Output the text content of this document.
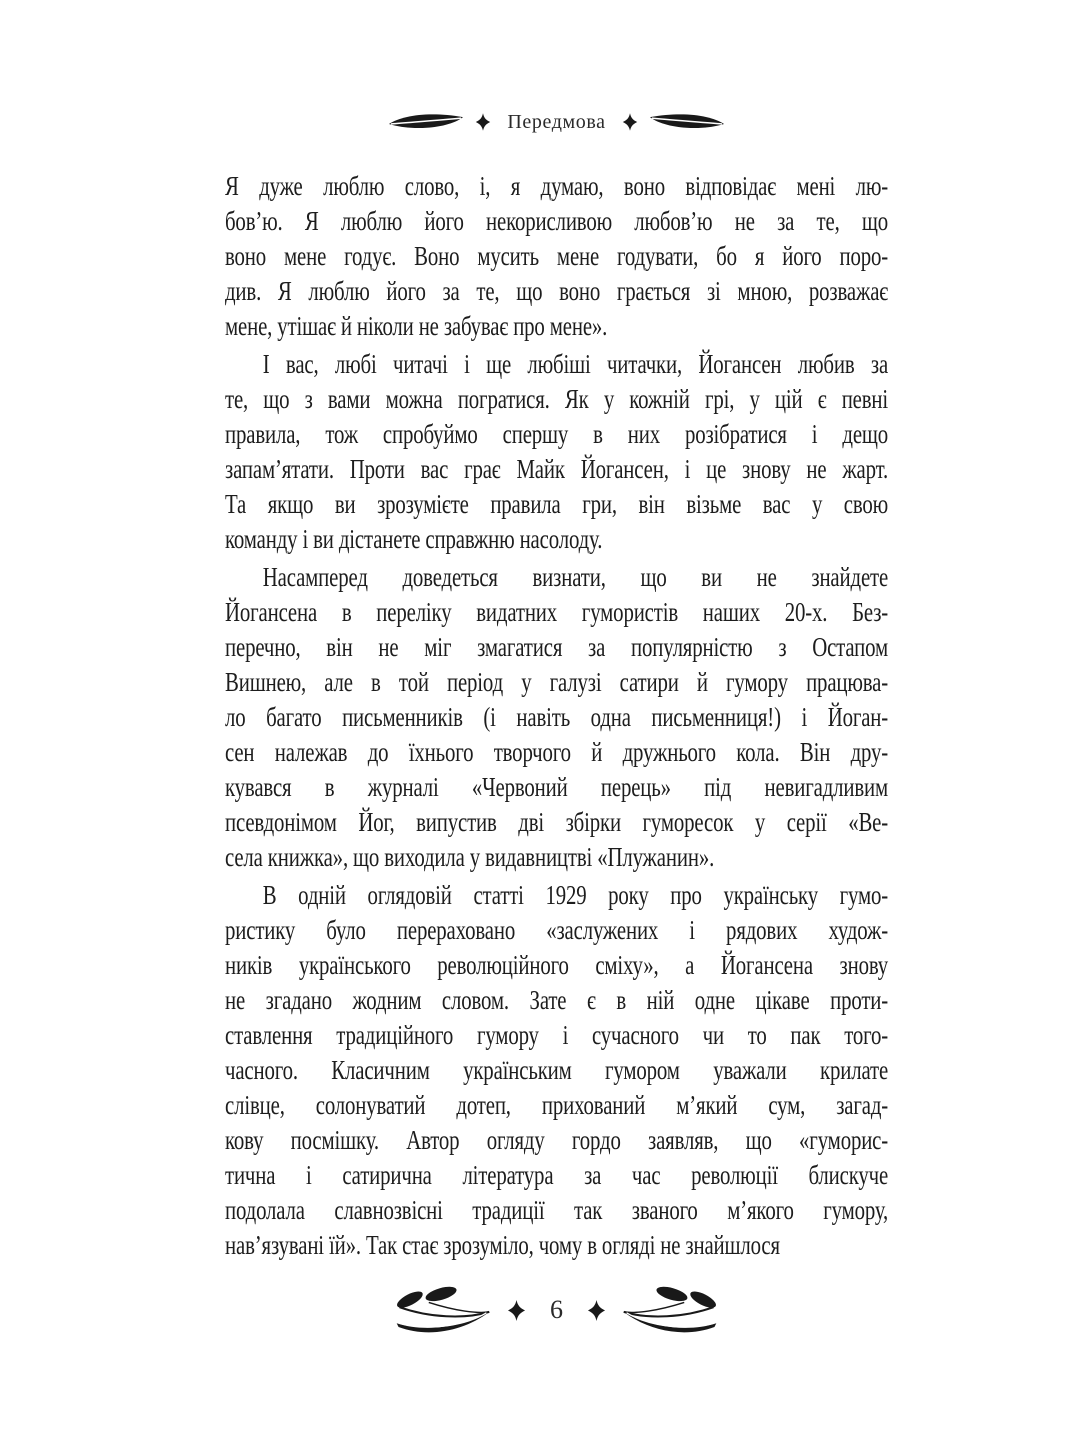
Передмова
Я дуже люблю слово, і, я думаю, воно відповідає мені лю-
бов’ю. Я люблю його некорисливою любов’ю не за те, що
воно мене годує. Воно мусить мене годувати, бо я його поро-
див. Я люблю його за те, що воно грається зі мною, розважає
мене, утішає й ніколи не забуває про мене».
І вас, любі читачі і ще любіші читачки, Йогансен любив за
те, що з вами можна погратися. Як у кожній грі, у цій є певні
правила, тож спробуймо спершу в них розібратися і дещо
запам’ятати. Проти вас грає Майк Йогансен, і це знову не жарт.
Та якщо ви зрозумієте правила гри, він візьме вас у свою
команду і ви дістанете справжню насолоду.
Насамперед доведеться визнати, що ви не знайдете
Йогансена в переліку видатних гумористів наших 20-х. Без-
перечно, він не міг змагатися за популярністю з Остапом
Вишнею, але в той період у галузі сатири й гумору працюва-
ло багато письменників (і навіть одна письменниця!) і Йоган-
сен належав до їхнього творчого й дружнього кола. Він дру-
кувався в журналі «Червоний перець» під невигадливим
псевдонімом Йог, випустив дві збірки гуморесок у серії «Ве-
села книжка», що виходила у видавництві «Плужанин».
В одній оглядовій статті 1929 року про українську гумо-
ристику було перераховано «заслужених і рядових худож-
ників українського революційного сміху», а Йогансена знову
не згадано жодним словом. Зате є в ній одне цікаве проти-
ставлення традиційного гумору і сучасного чи то пак того-
часного. Класичним українським гумором уважали крилате
слівце, солонуватий дотеп, прихований м’який сум, загад-
кову посмішку. Автор огляду гордо заявляв, що «гуморис-
тична і сатирична література за час революції блискуче
подолала славнозвісні традиції так званого м’якого гумору,
нав’язувані їй». Так стає зрозуміло, чому в огляді не знайшлося
6
